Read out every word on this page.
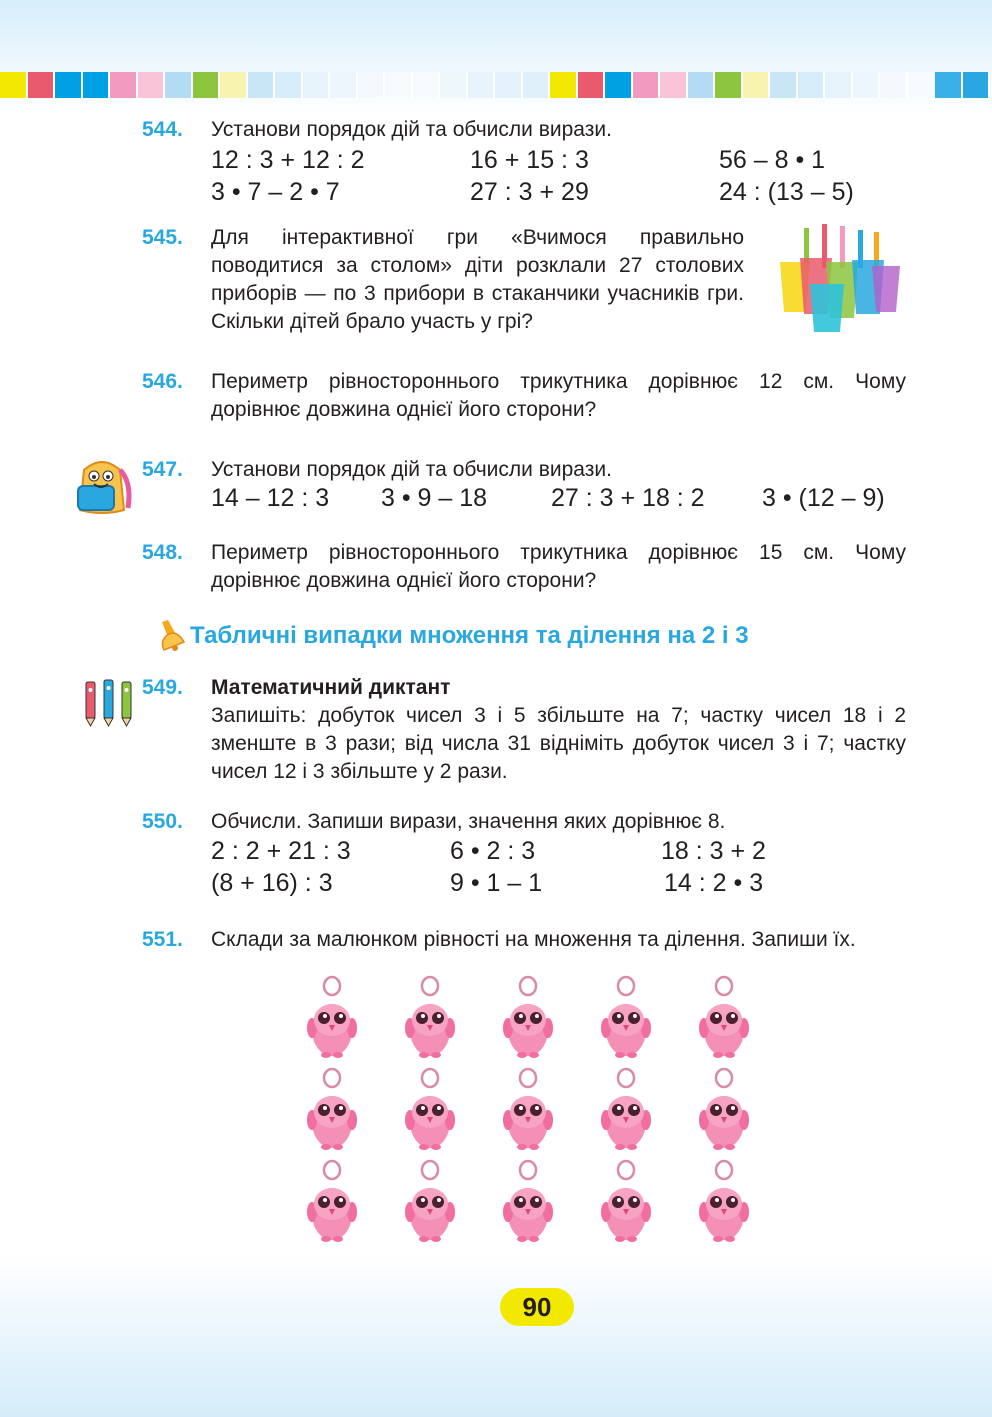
544. Установи порядок дій та обчисли вирази.
12 : 3 + 12 : 2	16 + 15 : 3	56 – 8 • 1
3 • 7 – 2 • 7	27 : 3 + 29	24 : (13 – 5)
545. Для інтерактивної гри «Вчимося правильно поводитися за столом» діти розклали 27 столових приборів — по 3 прибори в стаканчики учасників гри. Скільки дітей брало участь у грі?
546. Периметр рівностороннього трикутника дорівнює 12 см. Чому дорівнює довжина однієї його сторони?
547. Установи порядок дій та обчисли вирази.
14 – 12 : 3 3 • 9 – 18	27 : 3 + 18 : 2 3 • (12 – 9)
548. Периметр рівностороннього трикутника дорівнює 15 см. Чому дорівнює довжина однієї його сторони?
Табличні випадки множення та ділення на 2 і 3
549. Математичний диктант
Запишіть: добуток чисел 3 і 5 збільште на 7; частку чисел 18 і 2 зменште в 3 рази; від числа 31 відніміть добуток чисел 3 і 7; частку чисел 12 і 3 збільште у 2 рази.
550. Обчисли. Запиши вирази, значення яких дорівнює 8.
2 : 2 + 21 : 3	6 • 2 : 3	18 : 3 + 2
(8 + 16) : 3	9 • 1 – 1	14 : 2 • 3
551. Склади за малюнком рівності на множення та ділення. Запиши їх.
90
